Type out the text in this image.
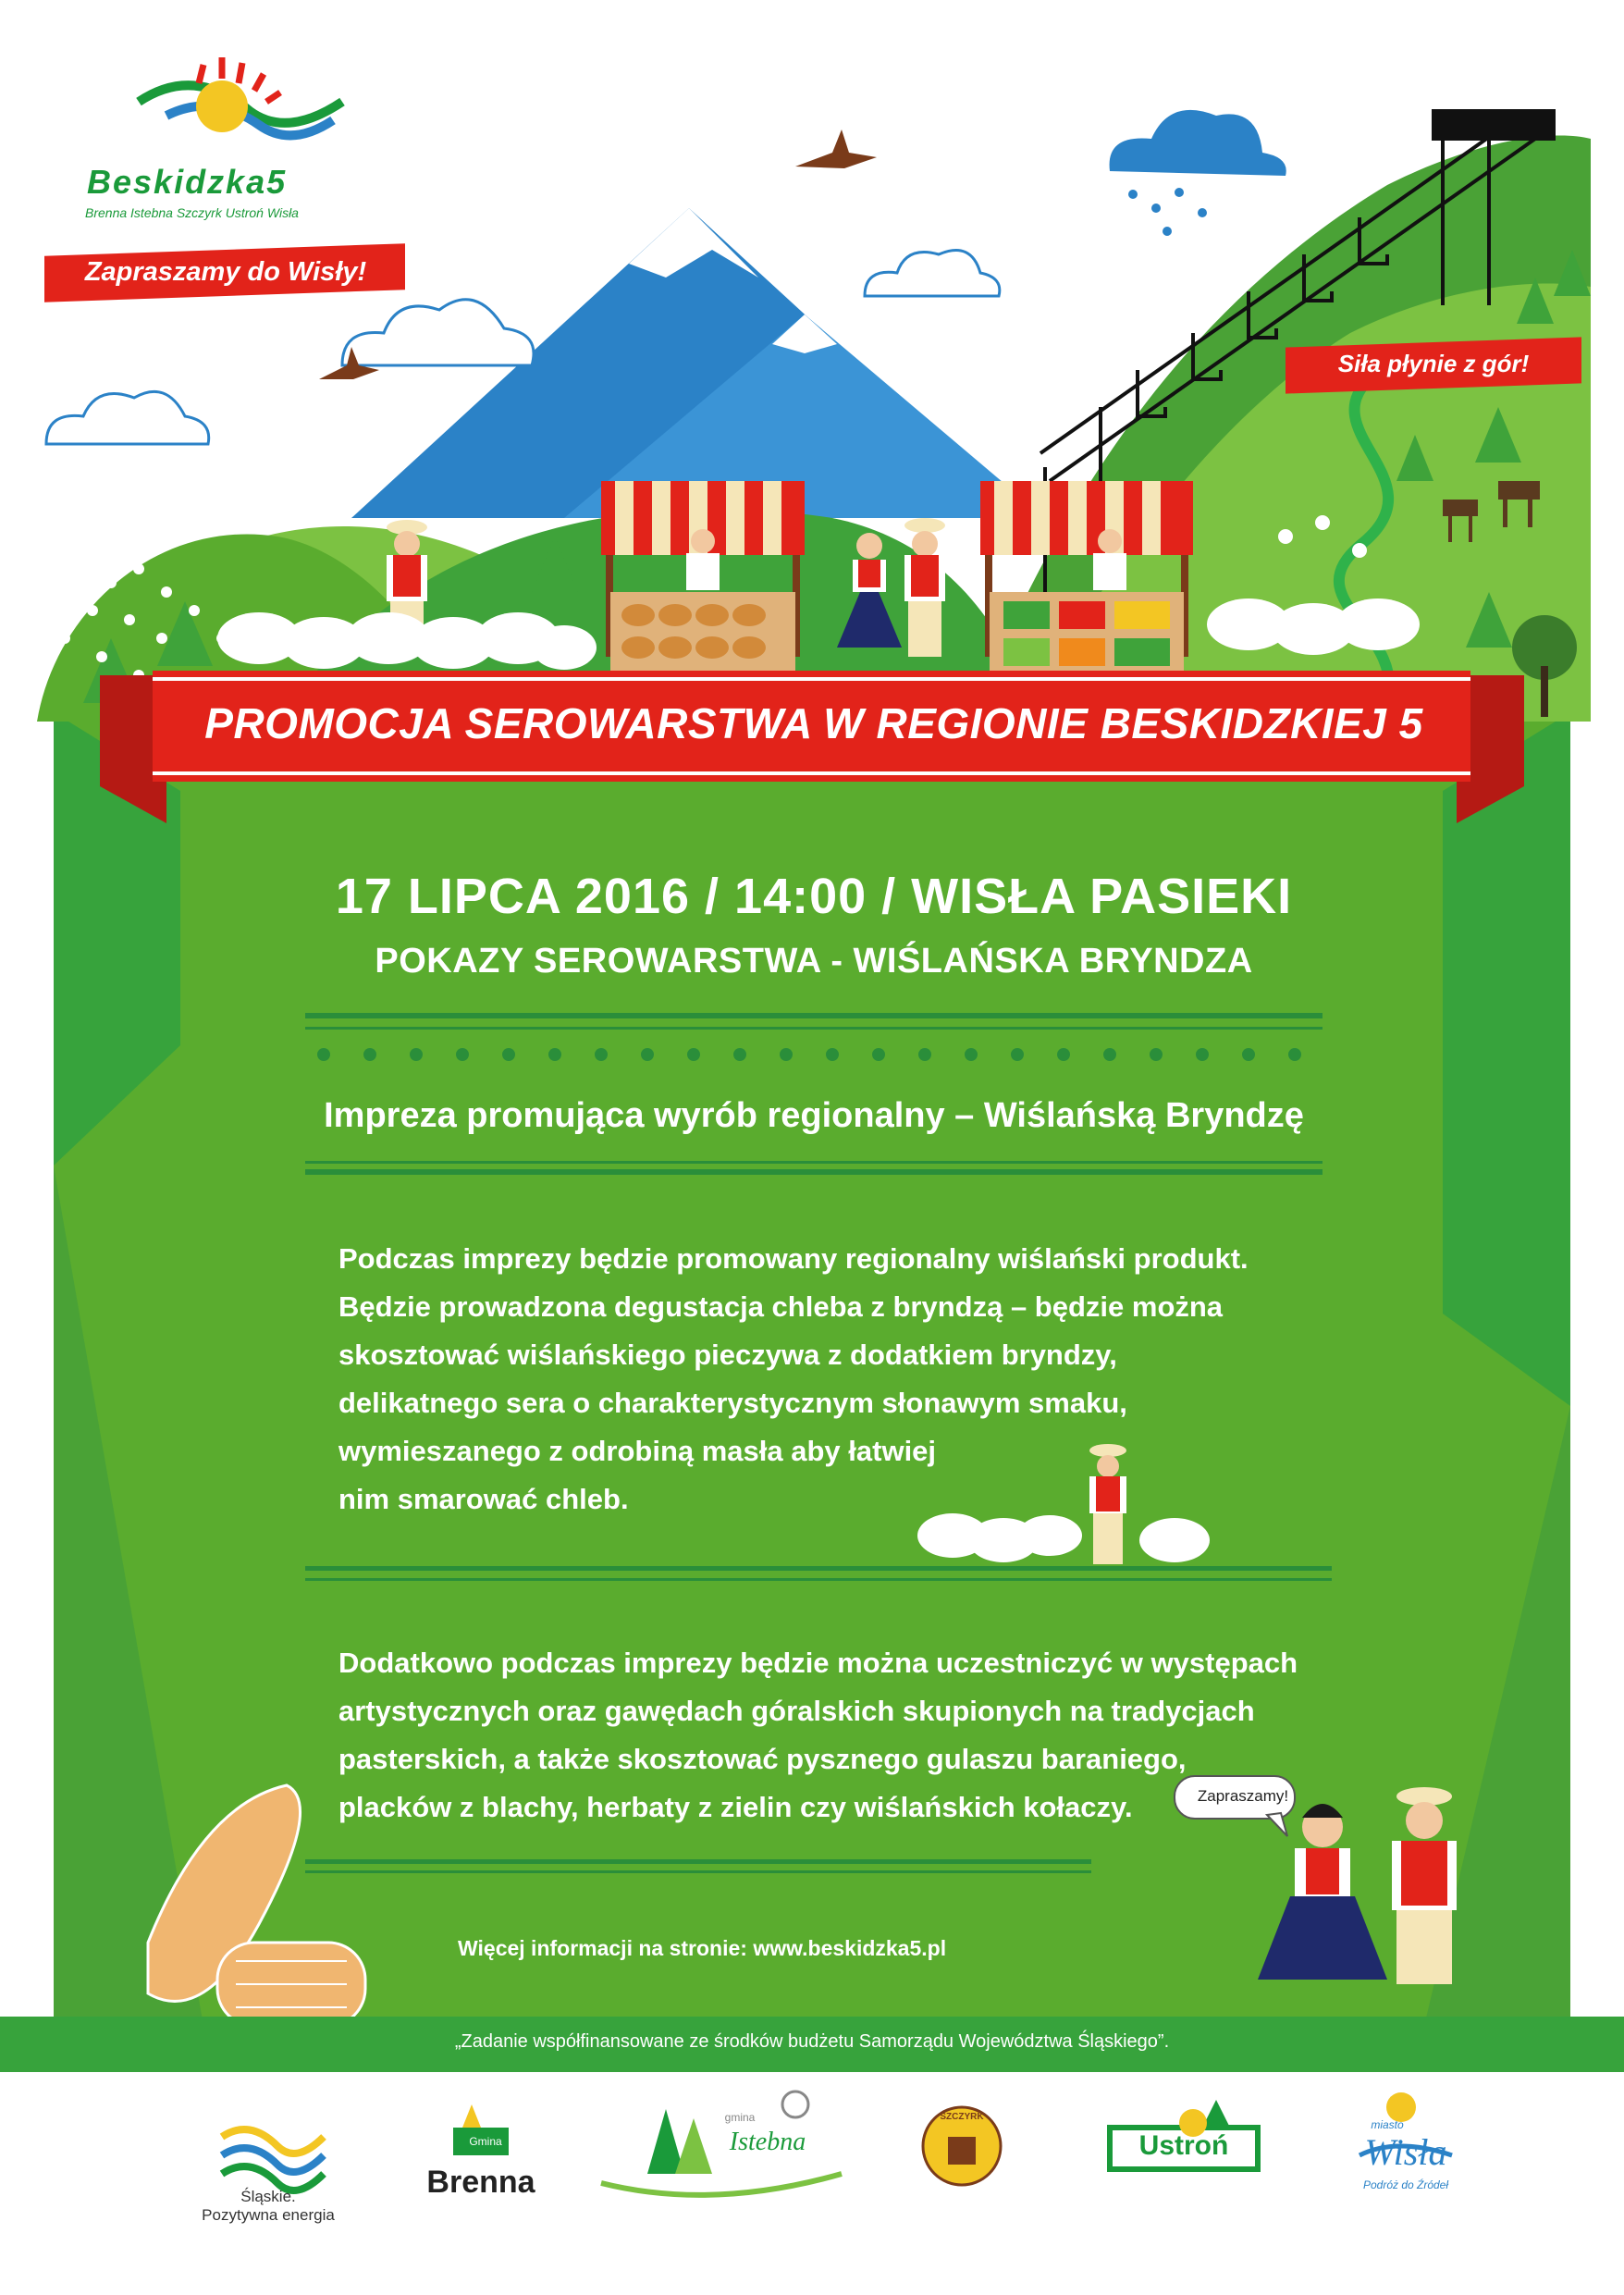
Beskidzka5
Brenna Istebna Szczyrk Ustroń Wisła
Zapraszamy do Wisły!
Siła płynie z gór!
PROMOCJA SEROWARSTWA W REGIONIE BESKIDZKIEJ 5
17 LIPCA 2016 / 14:00 / WISŁA PASIEKI
POKAZY SEROWARSTWA - WIŚLAŃSKA BRYNDZA
Impreza promująca wyrób regionalny – Wiślańską Bryndzę

Podczas imprezy będzie promowany regionalny wiślański produkt.
Będzie prowadzona degustacja chleba z bryndzą – będzie można
skosztować wiślańskiego pieczywa z dodatkiem bryndzy,
delikatnego sera o charakterystycznym słonawym smaku,
wymieszanego z odrobiną masła aby łatwiej
nim smarować chleb.

Dodatkowo podczas imprezy będzie można uczestniczyć w występach
artystycznych oraz gawędach góralskich skupionych na tradycjach
pasterskich, a także skosztować pysznego gulaszu baraniego,
placków z blachy, herbaty z zielin czy wiślańskich kołaczy.	Zapraszamy!
Więcej informacji na stronie: www.beskidzka5.pl
„Zadanie współfinansowane ze środków budżetu Samorządu Województwa Śląskiego”.
Śląskie.
Pozytywna energia
Gmina
Brenna
gmina
Istebna
SZCZYRK
Ustroń
miasto
Wisła
Podróż do Źródeł
